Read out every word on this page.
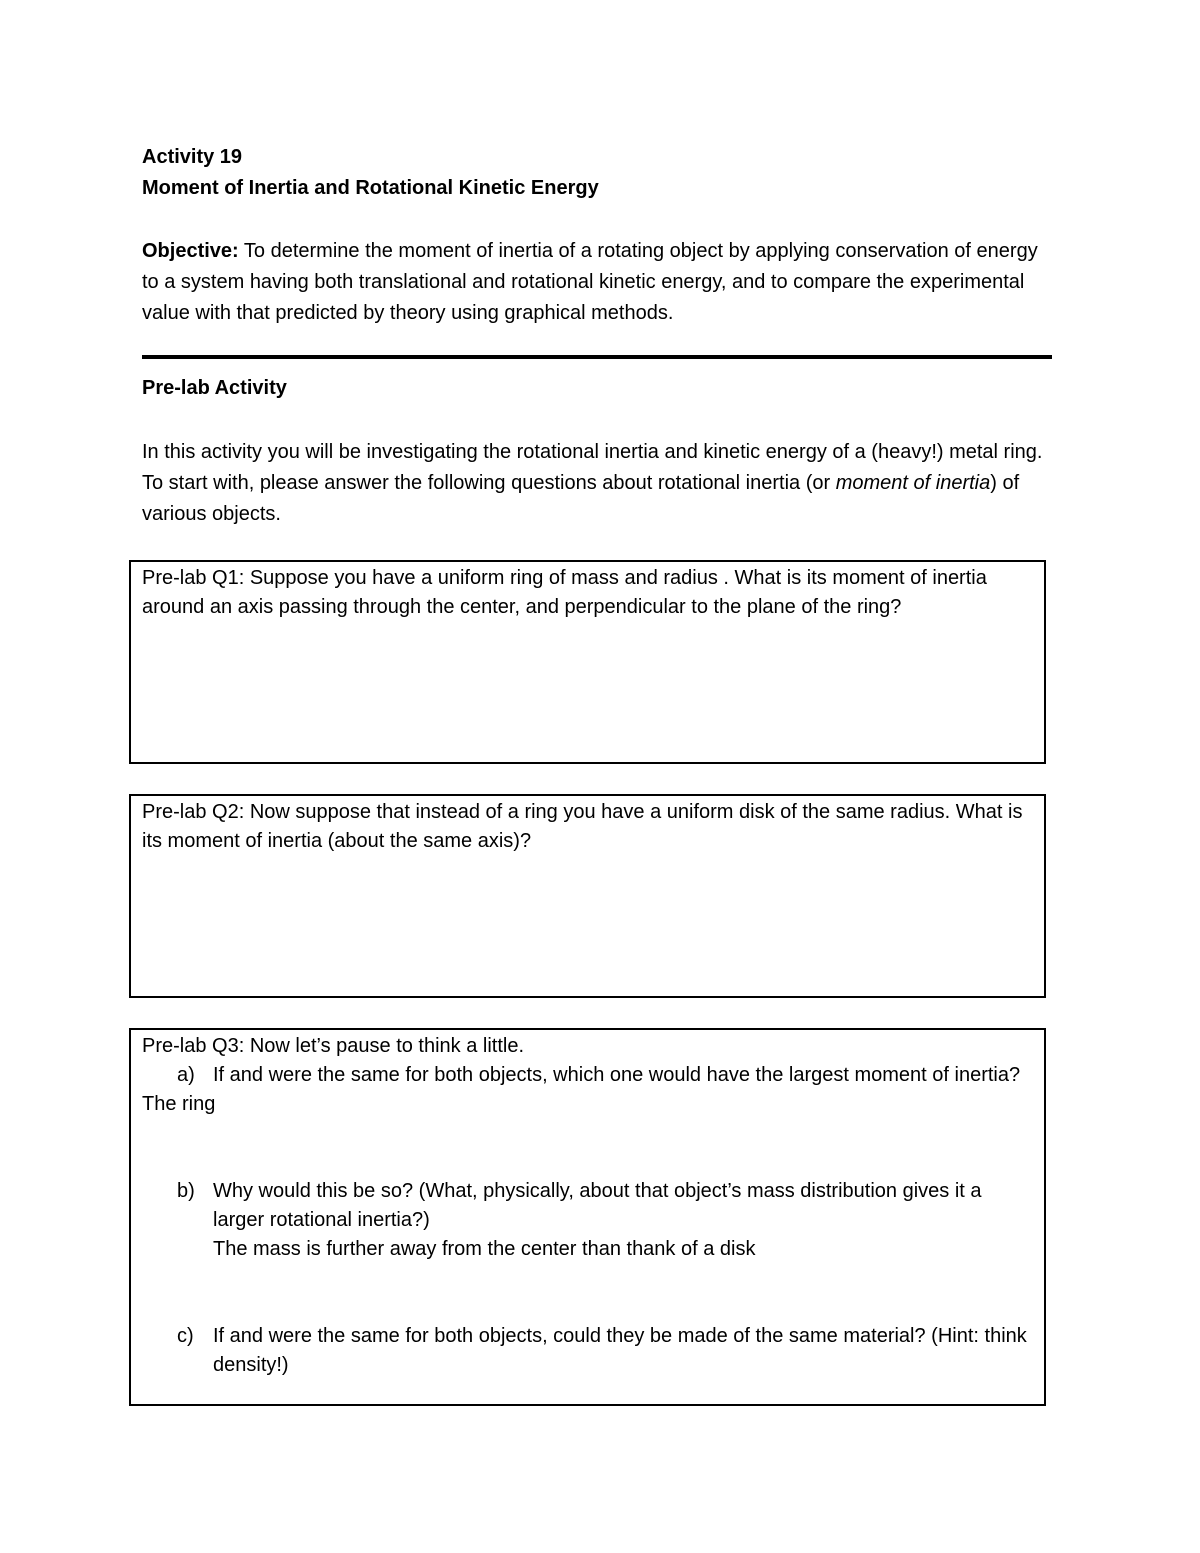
Activity 19

Moment of Inertia and Rotational Kinetic Energy

Objective: To determine the moment of inertia of a rotating object by applying conservation of energy to a system having both translational and rotational kinetic energy, and to compare the experimental value with that predicted by theory using graphical methods.
Pre-lab Activity
In this activity you will be investigating the rotational inertia and kinetic energy of a (heavy!) metal ring. To start with, please answer the following questions about rotational inertia (or moment of inertia) of various objects.
Pre-lab Q1: Suppose you have a uniform ring of mass and radius . What is its moment of inertia around an axis passing through the center, and perpendicular to the plane of the ring?
Pre-lab Q2: Now suppose that instead of a ring you have a uniform disk of the same radius. What is its moment of inertia (about the same axis)?
Pre-lab Q3: Now let’s pause to think a little.
a) If and were the same for both objects, which one would have the largest moment of inertia?

The ring

b) Why would this be so? (What, physically, about that object’s mass distribution gives it a larger rotational inertia?)

The mass is further away from the center than thank of a disk

c) If and were the same for both objects, could they be made of the same material? (Hint: think density!)
